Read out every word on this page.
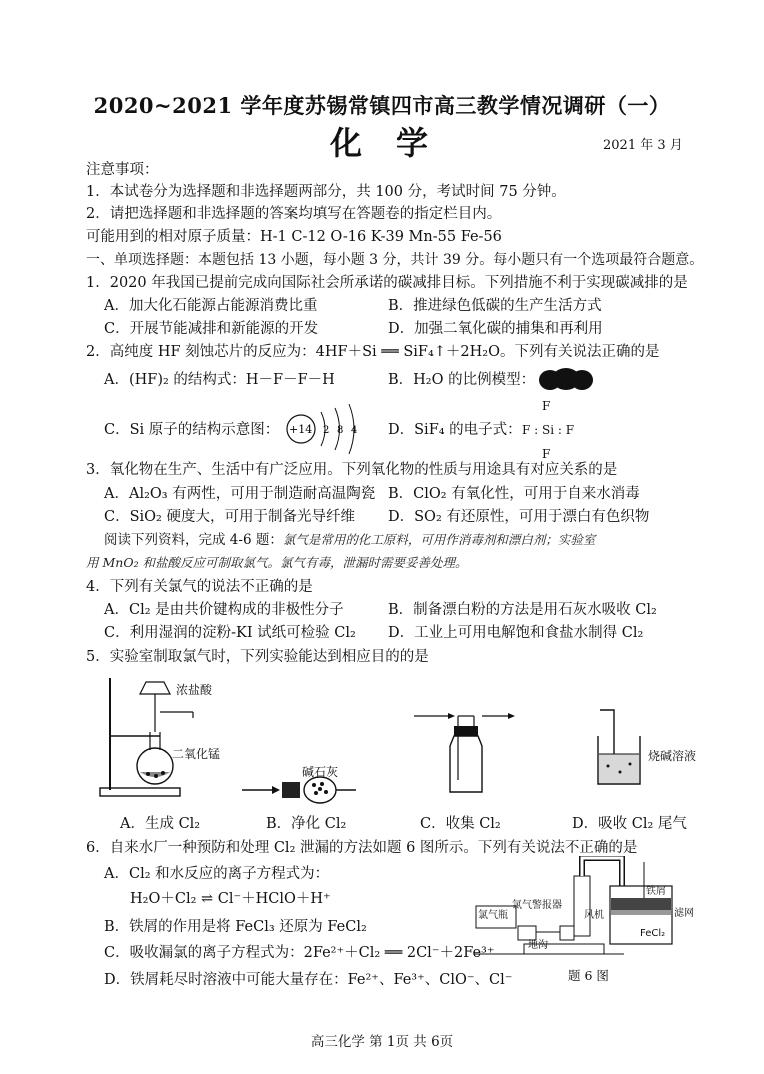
2020~2021 学年度苏锡常镇四市高三教学情况调研（一）
化学	2021 年 3 月
注意事项：
1．本试卷分为选择题和非选择题两部分，共 100 分，考试时间 75 分钟。
2．请把选择题和非选择题的答案均填写在答题卷的指定栏目内。
可能用到的相对原子质量：H-1 C-12 O-16 K-39 Mn-55 Fe-56
一、单项选择题：本题包括 13 小题，每小题 3 分，共计 39 分。每小题只有一个选项最符合题意。
1．2020 年我国已提前完成向国际社会所承诺的碳减排目标。下列措施不利于实现碳减排的是
A．加大化石能源占能源消费比重	B．推进绿色低碳的生产生活方式
C．开展节能减排和新能源的开发	D．加强二氧化碳的捕集和再利用
2．高纯度 HF 刻蚀芯片的反应为：4HF＋Si ══ SiF₄↑＋2H₂O。下列有关说法正确的是
A．(HF)₂ 的结构式：H－F－F－H	B．H₂O 的比例模型：
C．Si 原子的结构示意图： +14 2 8 4 D．SiF₄ 的电子式：
F
F : Si : F
F
3．氧化物在生产、生活中有广泛应用。下列氧化物的性质与用途具有对应关系的是
A．Al₂O₃ 有两性，可用于制造耐高温陶瓷 B．ClO₂ 有氧化性，可用于自来水消毒
C．SiO₂ 硬度大，可用于制备光导纤维 D．SO₂ 有还原性，可用于漂白有色织物
阅读下列资料，完成 4-6 题：氯气是常用的化工原料，可用作消毒剂和漂白剂；实验室
用 MnO₂ 和盐酸反应可制取氯气。氯气有毒，泄漏时需要妥善处理。
4．下列有关氯气的说法不正确的是
A．Cl₂ 是由共价键构成的非极性分子	B．制备漂白粉的方法是用石灰水吸收 Cl₂
C．利用湿润的淀粉-KI 试纸可检验 Cl₂ D．工业上可用电解饱和食盐水制得 Cl₂
5．实验室制取氯气时，下列实验能达到相应目的的是
浓盐酸
二氧化锰
碱石灰
烧碱溶液
A．生成 Cl₂	B．净化 Cl₂	C．收集 Cl₂	D．吸收 Cl₂ 尾气
6．自来水厂一种预防和处理 Cl₂ 泄漏的方法如题 6 图所示。下列有关说法不正确的是
A．Cl₂ 和水反应的离子方程式为：
H₂O＋Cl₂ ⇌ Cl⁻＋HClO＋H⁺
B．铁屑的作用是将 FeCl₃ 还原为 FeCl₂
C．吸收漏氯的离子方程式为：2Fe²⁺＋Cl₂ ══ 2Cl⁻＋2Fe³⁺
D．铁屑耗尽时溶液中可能大量存在：Fe²⁺、Fe³⁺、ClO⁻、Cl⁻
氯气瓶
氯气警报器
风机
铁屑
滤网
FeCl₂
地沟
题 6 图
高三化学 第 1页 共 6页
